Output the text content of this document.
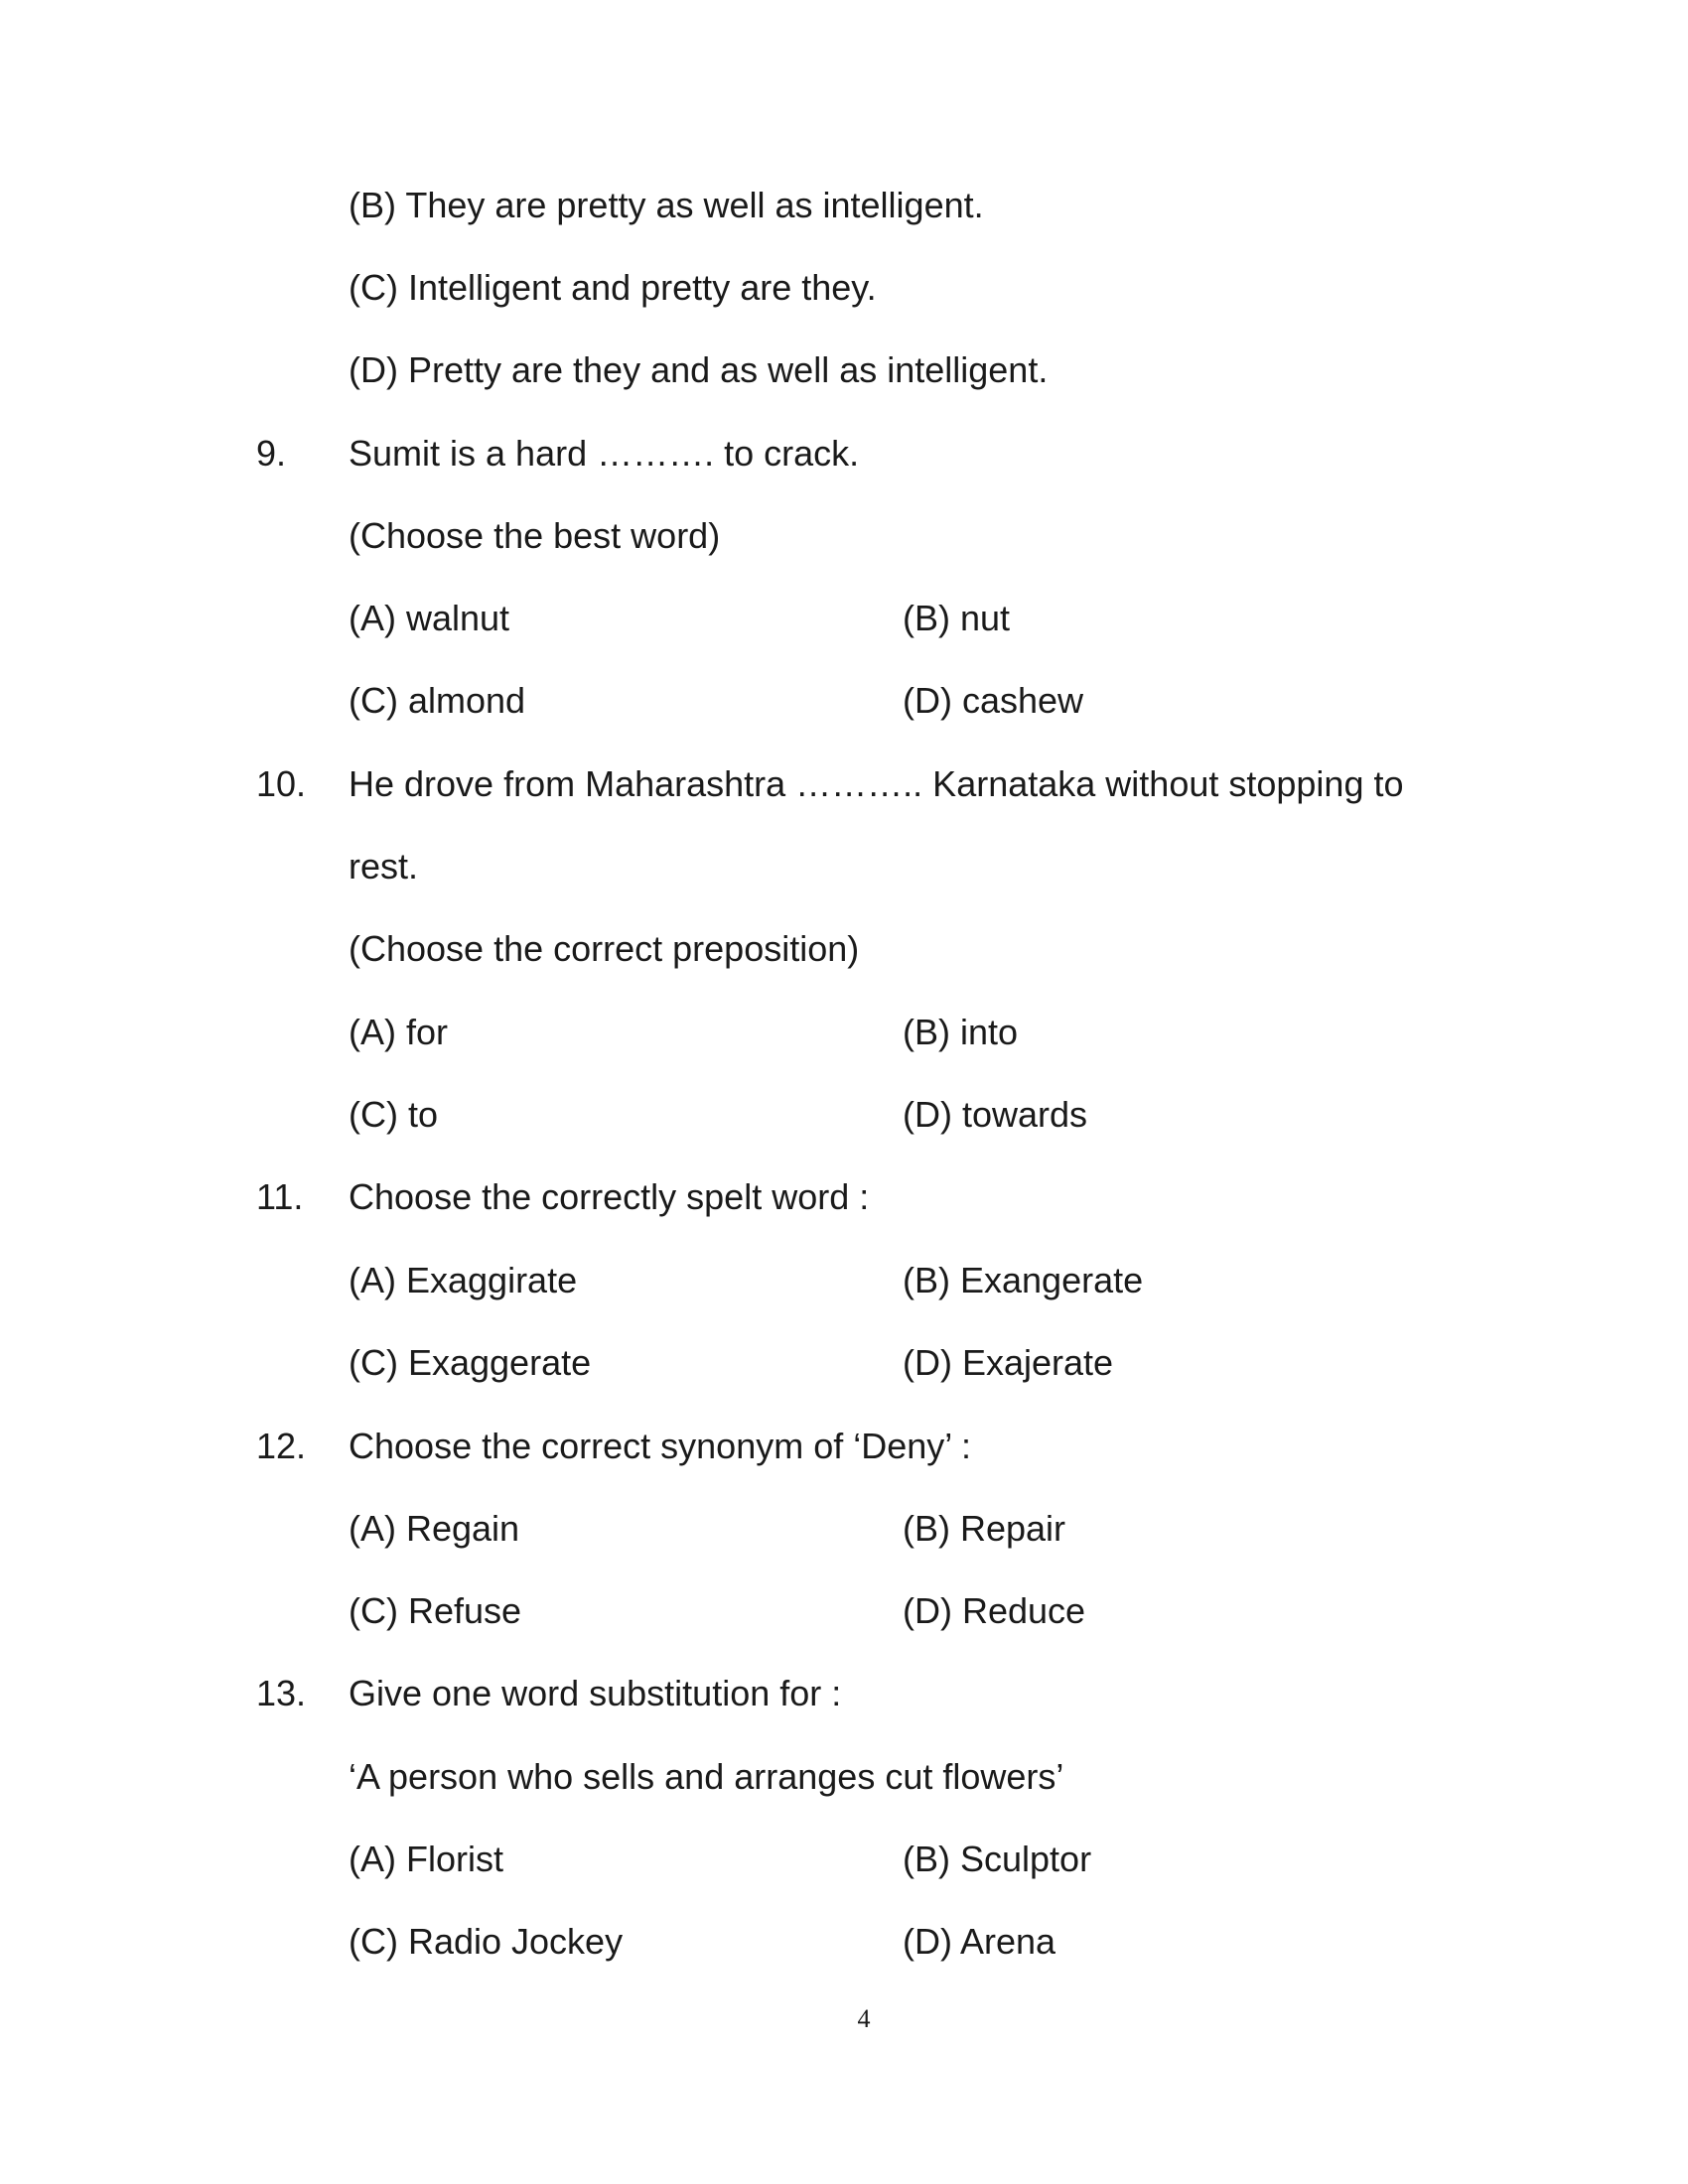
(B) They are pretty as well as intelligent.
(C) Intelligent and pretty are they.
(D) Pretty are they and as well as intelligent.
9. Sumit is a hard ………. to crack.
(Choose the best word)
(A) walnut	(B) nut
(C) almond	(D) cashew
10. He drove from Maharashtra ……….. Karnataka without stopping to
rest.
(Choose the correct preposition)
(A) for	(B) into
(C) to	(D) towards
11. Choose the correctly spelt word :
(A) Exaggirate	(B) Exangerate
(C) Exaggerate	(D) Exajerate
12. Choose the correct synonym of ‘Deny’ :
(A) Regain	(B) Repair
(C) Refuse	(D) Reduce
13. Give one word substitution for :
‘A person who sells and arranges cut flowers’
(A) Florist	(B) Sculptor
(C) Radio Jockey	(D) Arena
4
